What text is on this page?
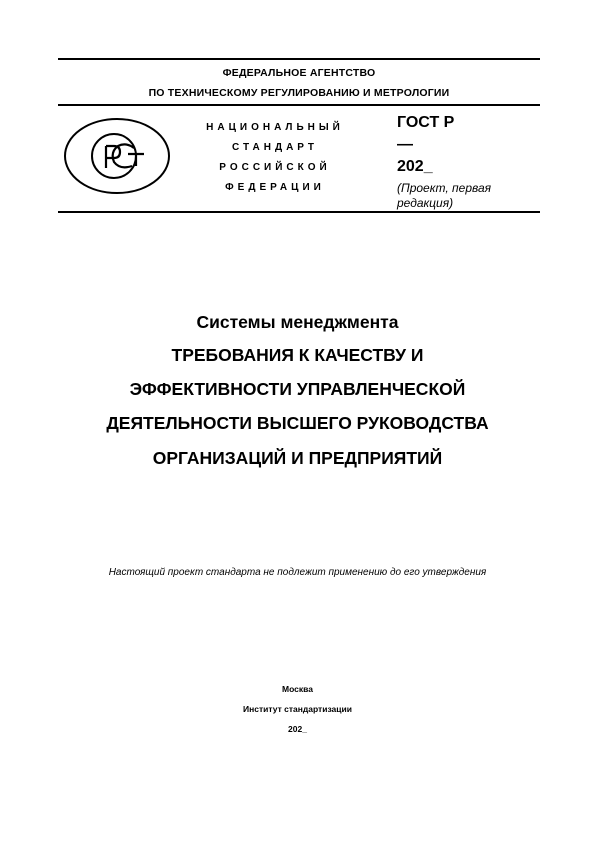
ФЕДЕРАЛЬНОЕ АГЕНТСТВО
ПО ТЕХНИЧЕСКОМУ РЕГУЛИРОВАНИЮ И МЕТРОЛОГИИ
НАЦИОНАЛЬНЫЙ
СТАНДАРТ
РОССИЙСКОЙ
ФЕДЕРАЦИИ
ГОСТ Р
—
202_
(Проект, первая
редакция)
Системы менеджмента
ТРЕБОВАНИЯ К КАЧЕСТВУ И
ЭФФЕКТИВНОСТИ УПРАВЛЕНЧЕСКОЙ
ДЕЯТЕЛЬНОСТИ ВЫСШЕГО РУКОВОДСТВА
ОРГАНИЗАЦИЙ И ПРЕДПРИЯТИЙ
Настоящий проект стандарта не подлежит применению до его утверждения
Москва
Институт стандартизации
202_
